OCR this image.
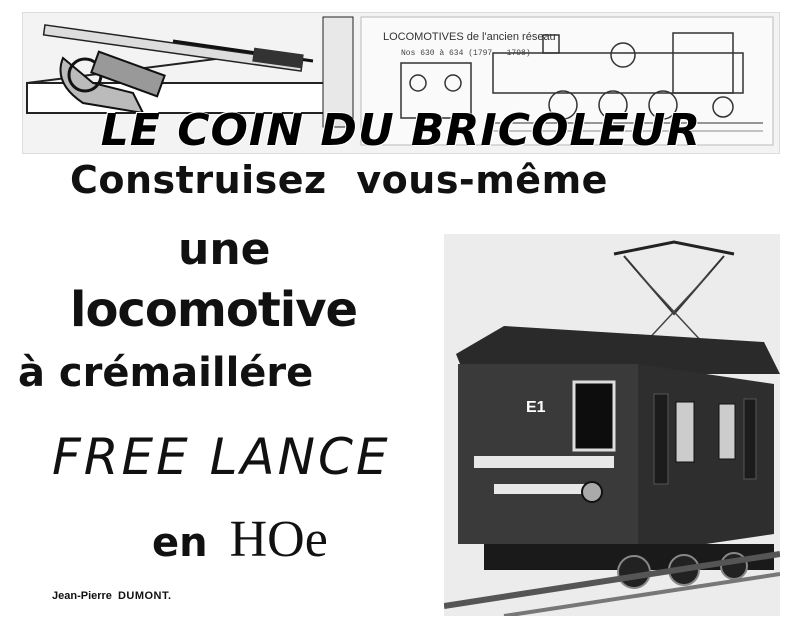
LOCOMOTIVES de l'ancien réseau
Nos 630 à 634 (1797 - 1798)
LE COIN DU BRICOLEUR
Construisez vous-même
une
locomotive
à crémaillére
FREE LANCE
en HOe
Jean-Pierre DUMONT.
E1
